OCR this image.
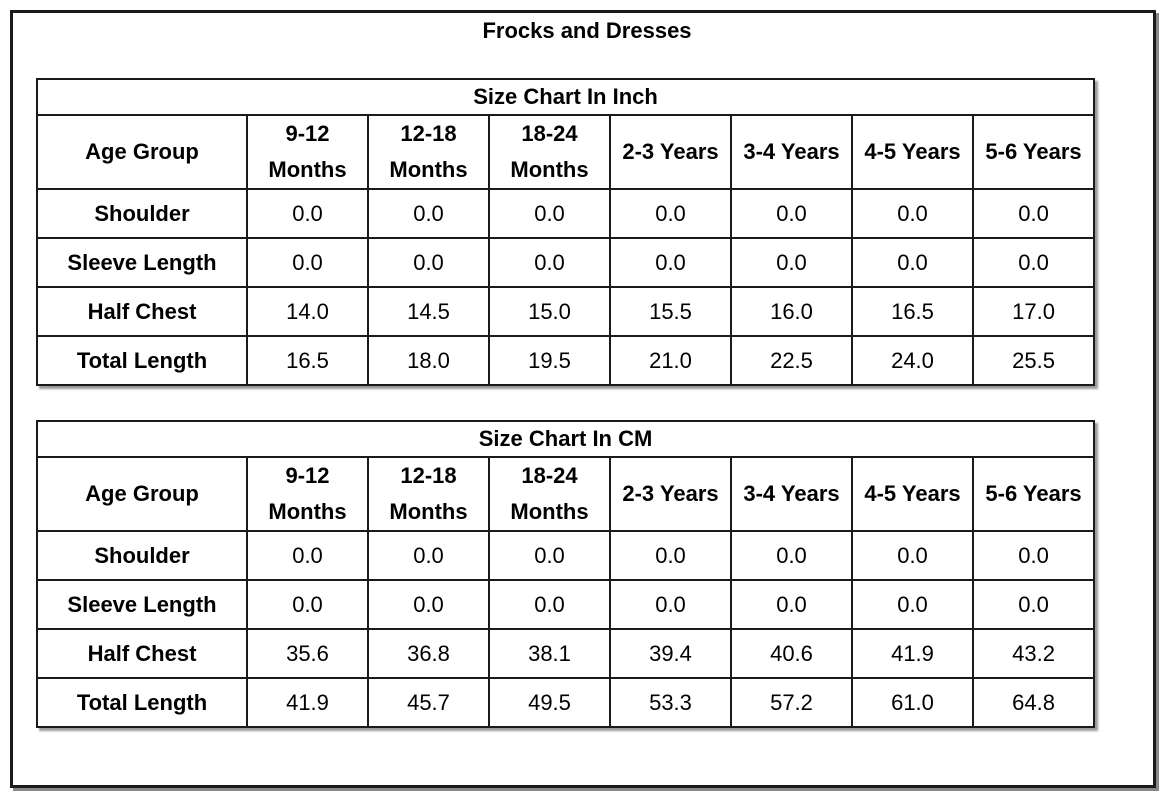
Frocks and Dresses
Size Chart In Inch							
Age Group	9-12 Months	12-18 Months	18-24 Months	2-3 Years	3-4 Years	4-5 Years	5-6 Years
Shoulder	0.0	0.0	0.0	0.0	0.0	0.0	0.0
Sleeve Length	0.0	0.0	0.0	0.0	0.0	0.0	0.0
Half Chest	14.0	14.5	15.0	15.5	16.0	16.5	17.0
Total Length	16.5	18.0	19.5	21.0	22.5	24.0	25.5
Size Chart In CM							
Age Group	9-12 Months	12-18 Months	18-24 Months	2-3 Years	3-4 Years	4-5 Years	5-6 Years
Shoulder	0.0	0.0	0.0	0.0	0.0	0.0	0.0
Sleeve Length	0.0	0.0	0.0	0.0	0.0	0.0	0.0
Half Chest	35.6	36.8	38.1	39.4	40.6	41.9	43.2
Total Length	41.9	45.7	49.5	53.3	57.2	61.0	64.8
